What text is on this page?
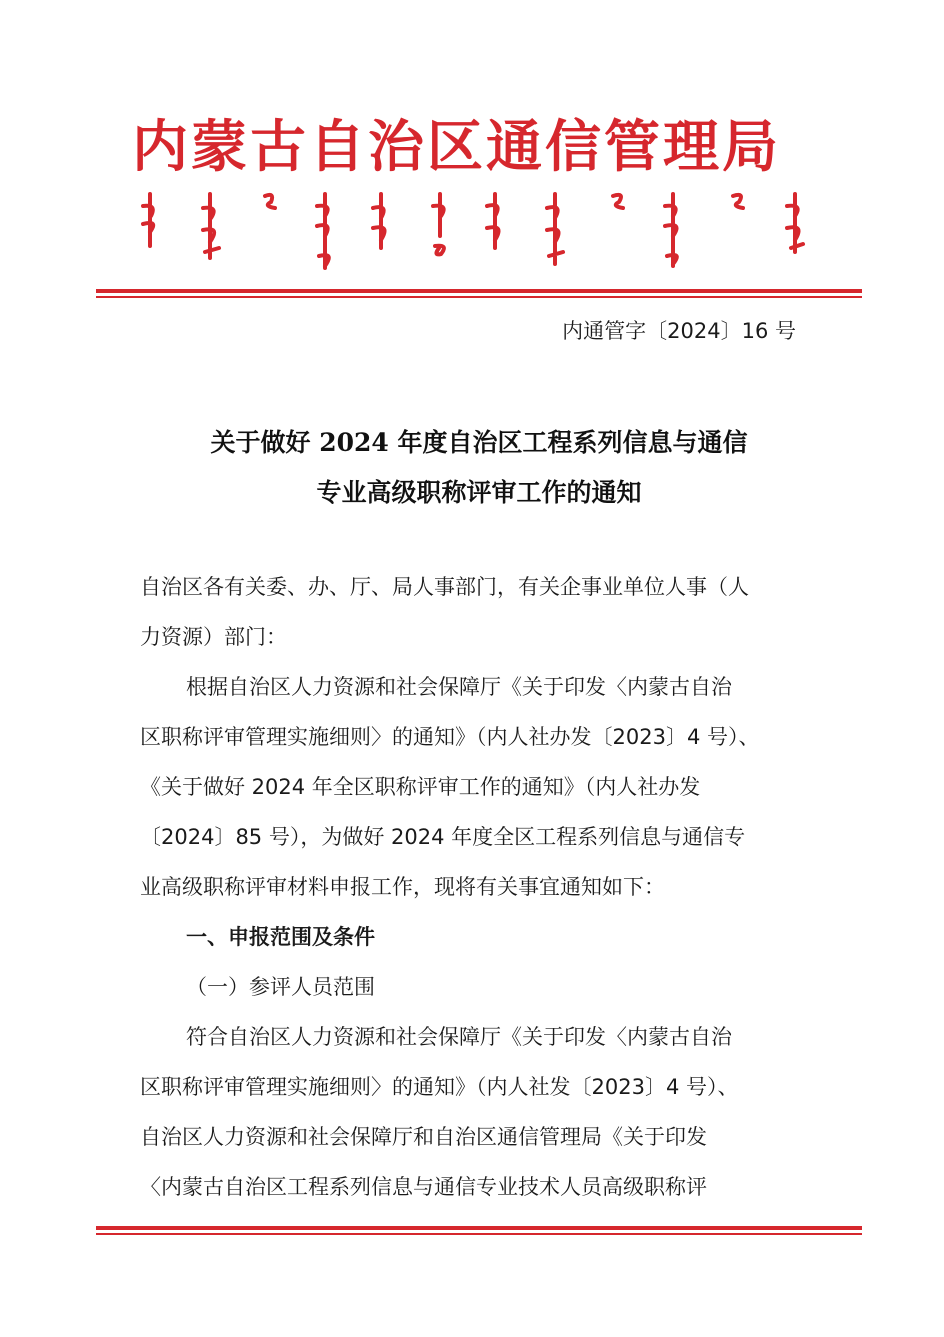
内蒙古自治区通信管理局
内通管字〔2024〕16 号
关于做好 2024 年度自治区工程系列信息与通信
专业高级职称评审工作的通知
自治区各有关委、办、厅、局人事部门，有关企事业单位人事（人
力资源）部门：
根据自治区人力资源和社会保障厅《关于印发〈内蒙古自治
区职称评审管理实施细则〉的通知》（内人社办发〔2023〕4 号）、
《关于做好 2024 年全区职称评审工作的通知》（内人社办发
〔2024〕85 号），为做好 2024 年度全区工程系列信息与通信专
业高级职称评审材料申报工作，现将有关事宜通知如下：
一、申报范围及条件
（一）参评人员范围
符合自治区人力资源和社会保障厅《关于印发〈内蒙古自治
区职称评审管理实施细则〉的通知》（内人社发〔2023〕4 号）、
自治区人力资源和社会保障厅和自治区通信管理局《关于印发
〈内蒙古自治区工程系列信息与通信专业技术人员高级职称评
